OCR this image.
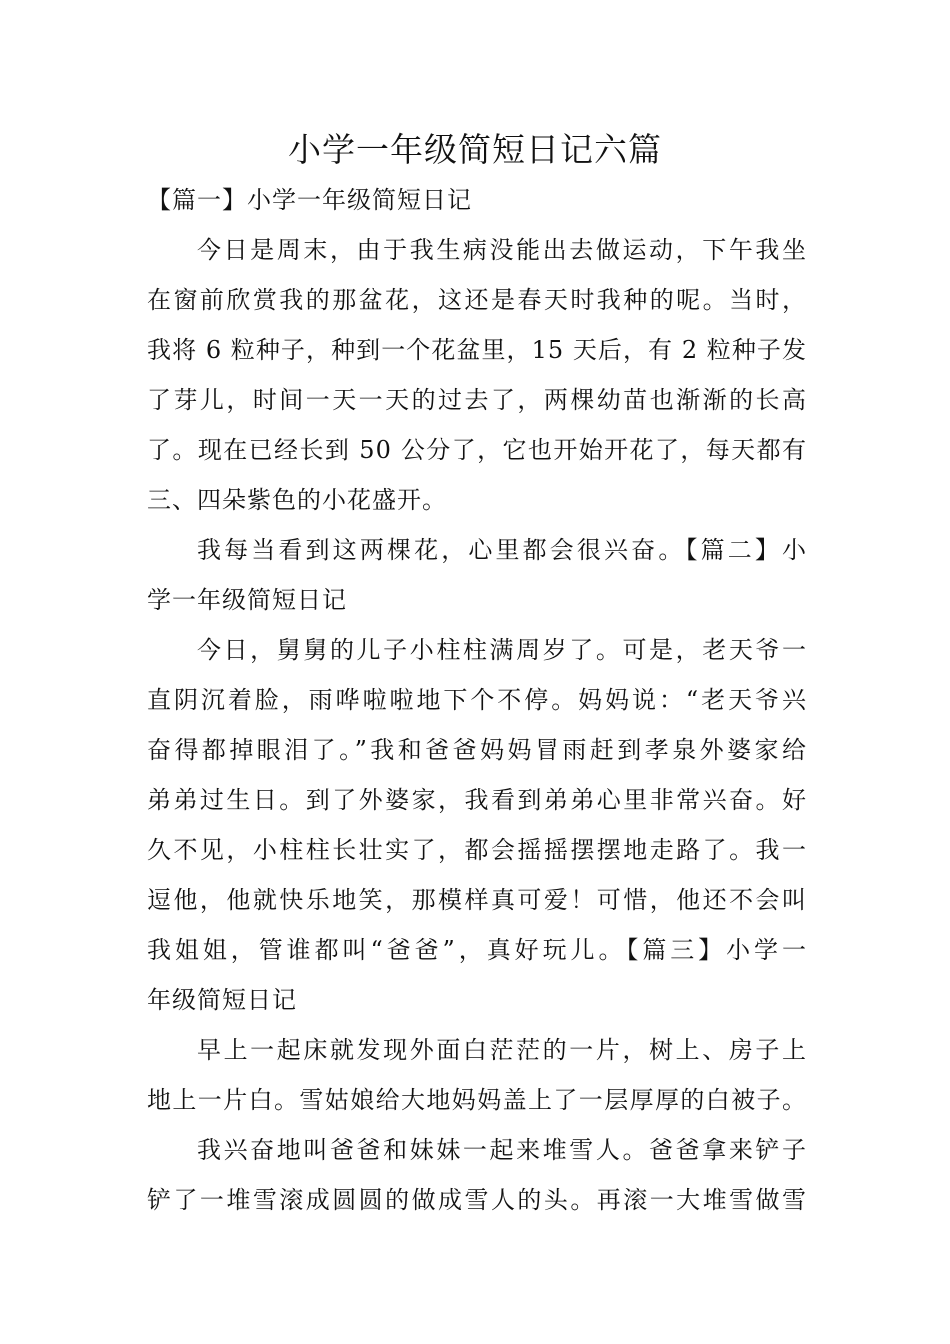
小学一年级简短日记六篇
【篇一】小学一年级简短日记
今日是周末，由于我生病没能出去做运动，下午我坐
在窗前欣赏我的那盆花，这还是春天时我种的呢。当时，
我将 6 粒种子，种到一个花盆里，15 天后，有 2 粒种子发
了芽儿，时间一天一天的过去了，两棵幼苗也渐渐的长高
了。现在已经长到 50 公分了，它也开始开花了，每天都有
三、四朵紫色的小花盛开。
我每当看到这两棵花，心里都会很兴奋。【篇二】小
学一年级简短日记
今日，舅舅的儿子小柱柱满周岁了。可是，老天爷一
直阴沉着脸，雨哗啦啦地下个不停。妈妈说：“老天爷兴
奋得都掉眼泪了。”我和爸爸妈妈冒雨赶到孝泉外婆家给
弟弟过生日。到了外婆家，我看到弟弟心里非常兴奋。好
久不见，小柱柱长壮实了，都会摇摇摆摆地走路了。我一
逗他，他就快乐地笑，那模样真可爱！可惜，他还不会叫
我姐姐，管谁都叫“爸爸”，真好玩儿。【篇三】小学一
年级简短日记
早上一起床就发现外面白茫茫的一片，树上、房子上
地上一片白。雪姑娘给大地妈妈盖上了一层厚厚的白被子。
我兴奋地叫爸爸和妹妹一起来堆雪人。爸爸拿来铲子
铲了一堆雪滚成圆圆的做成雪人的头。再滚一大堆雪做雪
